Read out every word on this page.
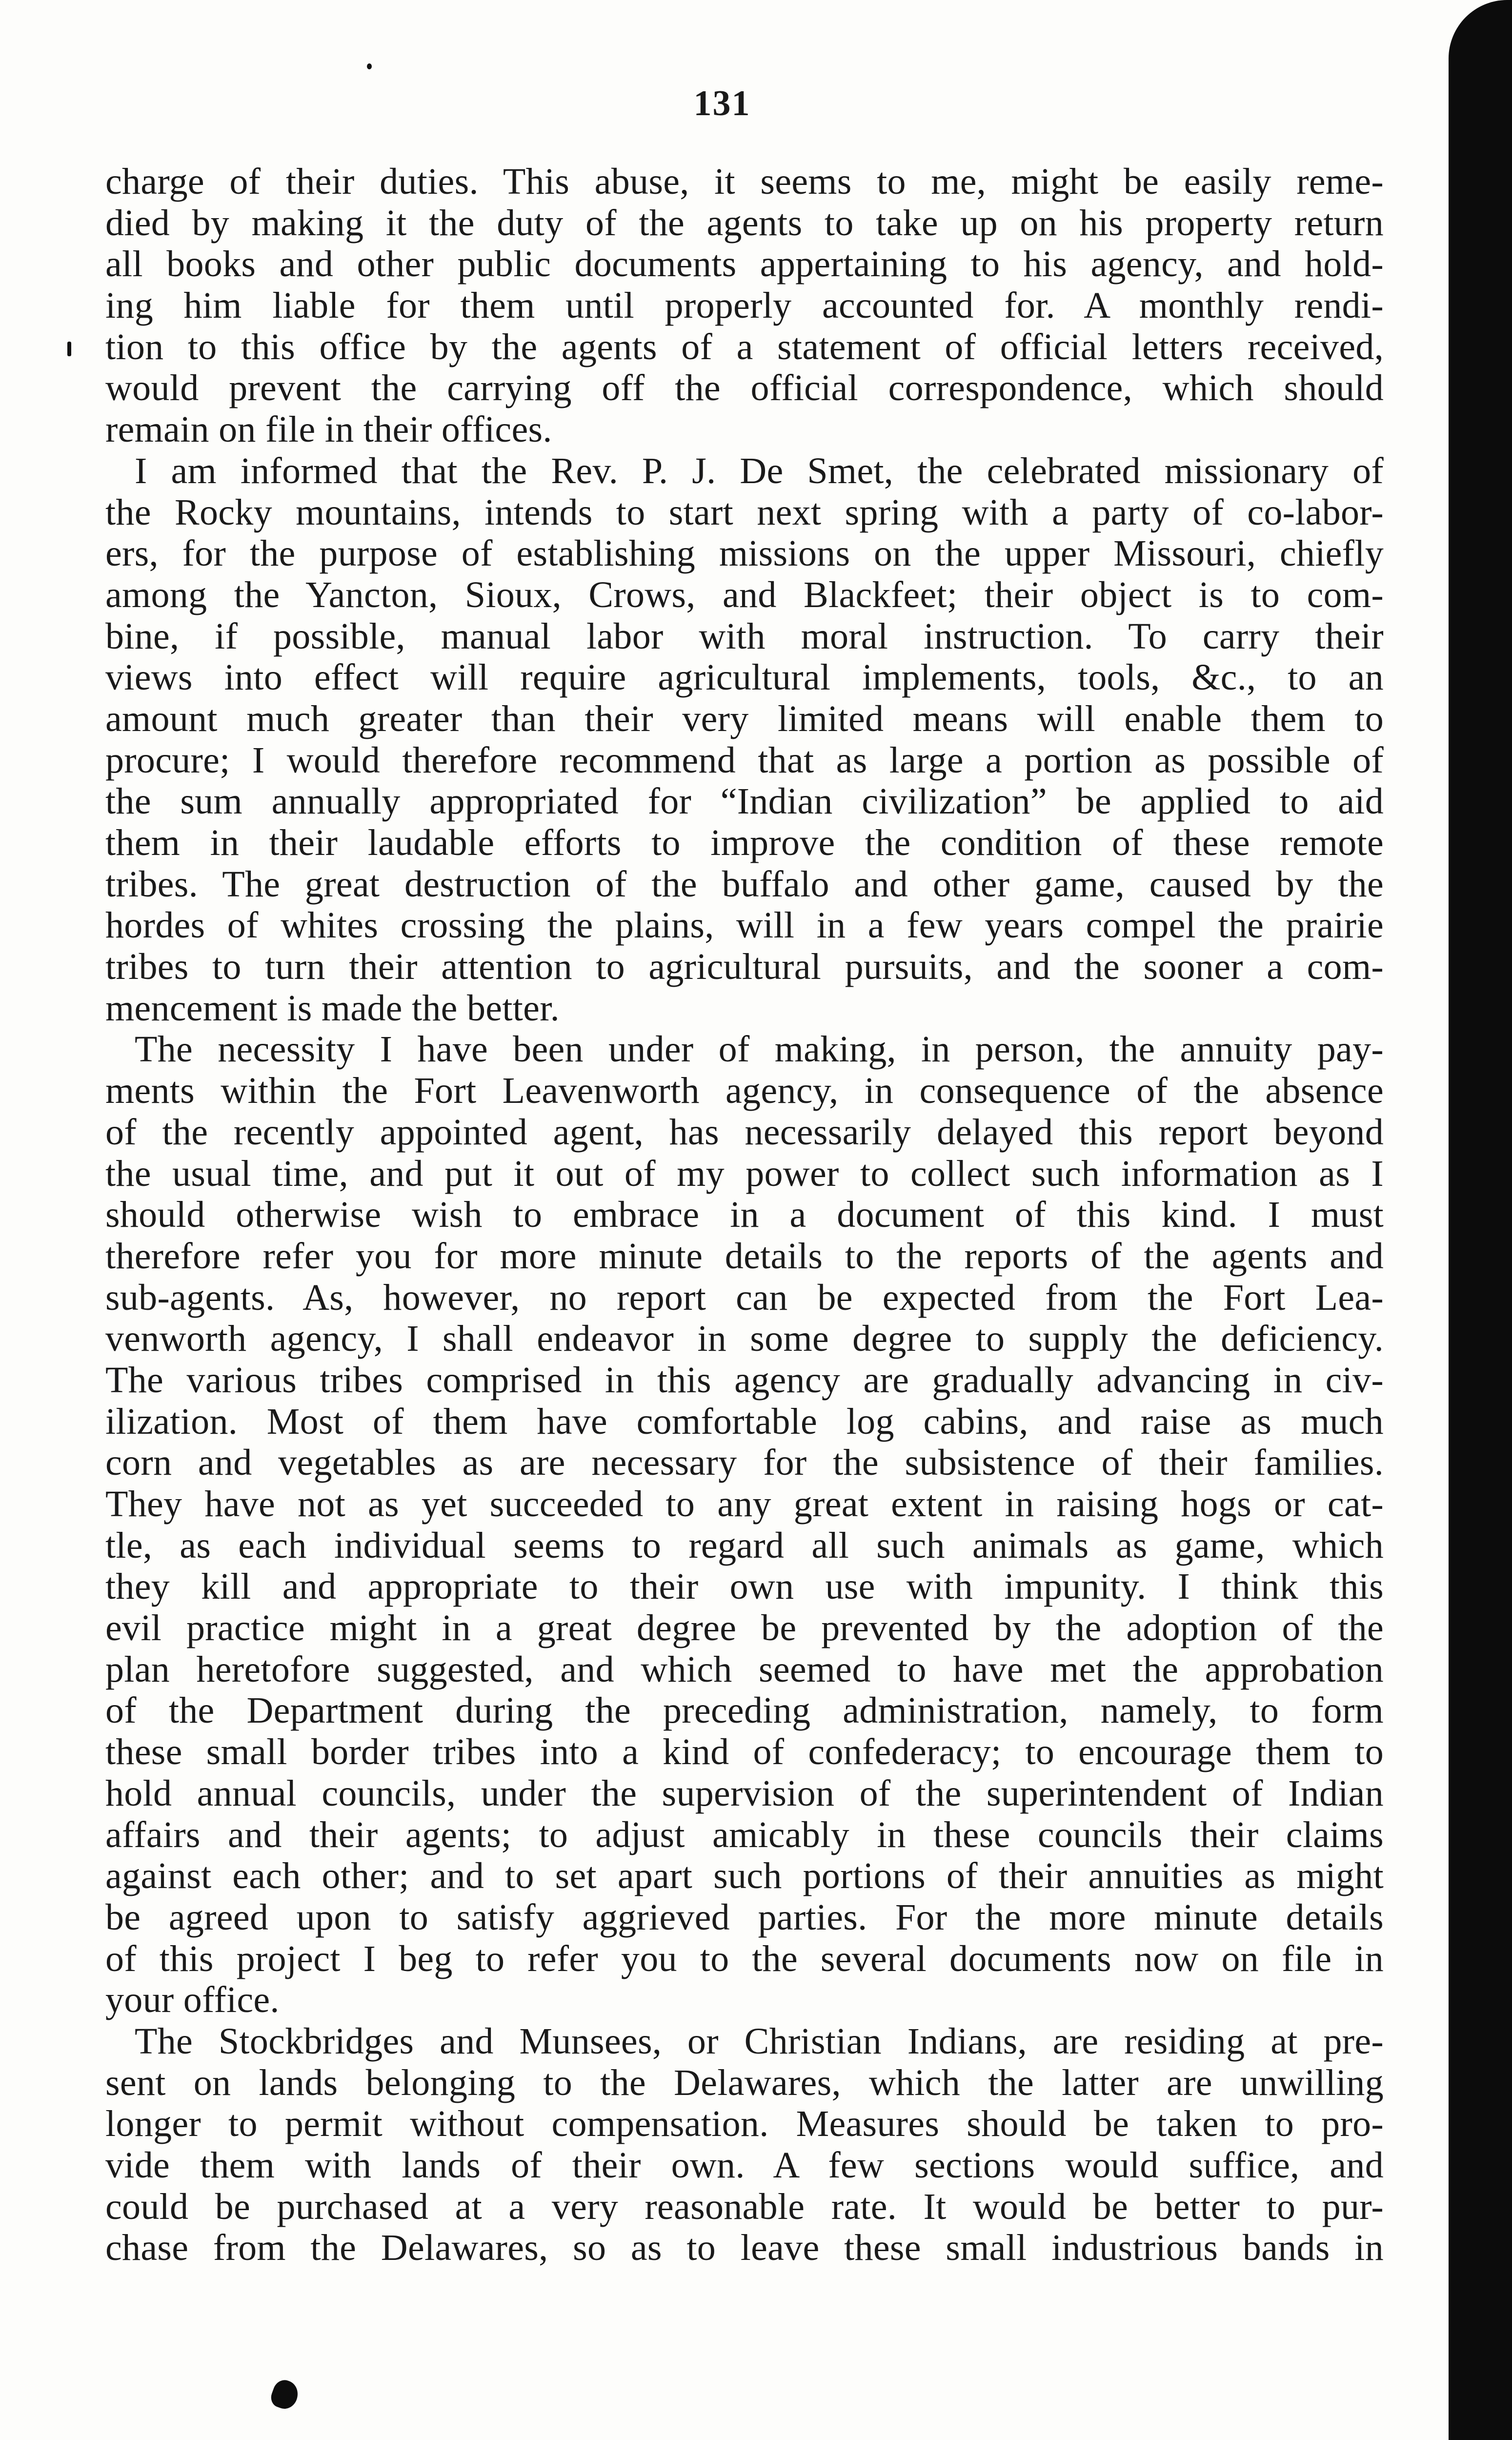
131
charge of their duties. This abuse, it seems to me, might be easily reme-
died by making it the duty of the agents to take up on his property return
all books and other public documents appertaining to his agency, and hold-
ing him liable for them until properly accounted for. A monthly rendi-
tion to this office by the agents of a statement of official letters received,
would prevent the carrying off the official correspondence, which should
remain on file in their offices.
I am informed that the Rev. P. J. De Smet, the celebrated missionary of
the Rocky mountains, intends to start next spring with a party of co-labor-
ers, for the purpose of establishing missions on the upper Missouri, chiefly
among the Yancton, Sioux, Crows, and Blackfeet; their object is to com-
bine, if possible, manual labor with moral instruction. To carry their
views into effect will require agricultural implements, tools, &c., to an
amount much greater than their very limited means will enable them to
procure; I would therefore recommend that as large a portion as possible of
the sum annually appropriated for “Indian civilization” be applied to aid
them in their laudable efforts to improve the condition of these remote
tribes. The great destruction of the buffalo and other game, caused by the
hordes of whites crossing the plains, will in a few years compel the prairie
tribes to turn their attention to agricultural pursuits, and the sooner a com-
mencement is made the better.
The necessity I have been under of making, in person, the annuity pay-
ments within the Fort Leavenworth agency, in consequence of the absence
of the recently appointed agent, has necessarily delayed this report beyond
the usual time, and put it out of my power to collect such information as I
should otherwise wish to embrace in a document of this kind. I must
therefore refer you for more minute details to the reports of the agents and
sub-agents. As, however, no report can be expected from the Fort Lea-
venworth agency, I shall endeavor in some degree to supply the deficiency.
The various tribes comprised in this agency are gradually advancing in civ-
ilization. Most of them have comfortable log cabins, and raise as much
corn and vegetables as are necessary for the subsistence of their families.
They have not as yet succeeded to any great extent in raising hogs or cat-
tle, as each individual seems to regard all such animals as game, which
they kill and appropriate to their own use with impunity. I think this
evil practice might in a great degree be prevented by the adoption of the
plan heretofore suggested, and which seemed to have met the approbation
of the Department during the preceding administration, namely, to form
these small border tribes into a kind of confederacy; to encourage them to
hold annual councils, under the supervision of the superintendent of Indian
affairs and their agents; to adjust amicably in these councils their claims
against each other; and to set apart such portions of their annuities as might
be agreed upon to satisfy aggrieved parties. For the more minute details
of this project I beg to refer you to the several documents now on file in
your office.
The Stockbridges and Munsees, or Christian Indians, are residing at pre-
sent on lands belonging to the Delawares, which the latter are unwilling
longer to permit without compensation. Measures should be taken to pro-
vide them with lands of their own. A few sections would suffice, and
could be purchased at a very reasonable rate. It would be better to pur-
chase from the Delawares, so as to leave these small industrious bands in
